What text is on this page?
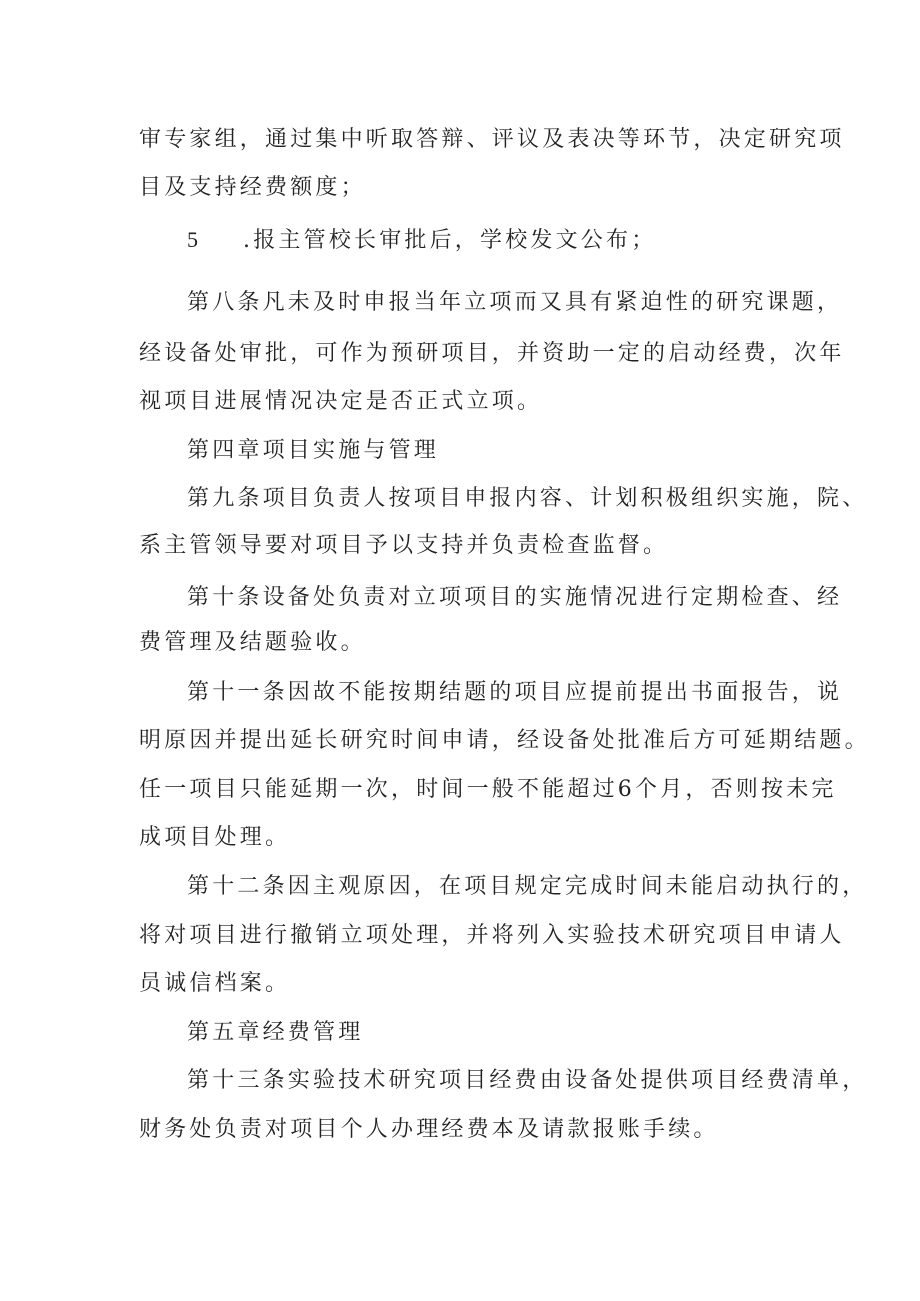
审专家组，通过集中听取答辩、评议及表决等环节，决定研究项

目及支持经费额度；

5 .报主管校长审批后，学校发文公布；

第八条凡未及时申报当年立项而又具有紧迫性的研究课题，

经设备处审批，可作为预研项目，并资助一定的启动经费，次年

视项目进展情况决定是否正式立项。

第四章项目实施与管理

第九条项目负责人按项目申报内容、计划积极组织实施，院、

系主管领导要对项目予以支持并负责检查监督。

第十条设备处负责对立项项目的实施情况进行定期检查、经

费管理及结题验收。

第十一条因故不能按期结题的项目应提前提出书面报告，说

明原因并提出延长研究时间申请，经设备处批准后方可延期结题。

任一项目只能延期一次，时间一般不能超过6个月，否则按未完

成项目处理。

第十二条因主观原因，在项目规定完成时间未能启动执行的，

将对项目进行撤销立项处理，并将列入实验技术研究项目申请人

员诚信档案。

第五章经费管理

第十三条实验技术研究项目经费由设备处提供项目经费清单，

财务处负责对项目个人办理经费本及请款报账手续。
